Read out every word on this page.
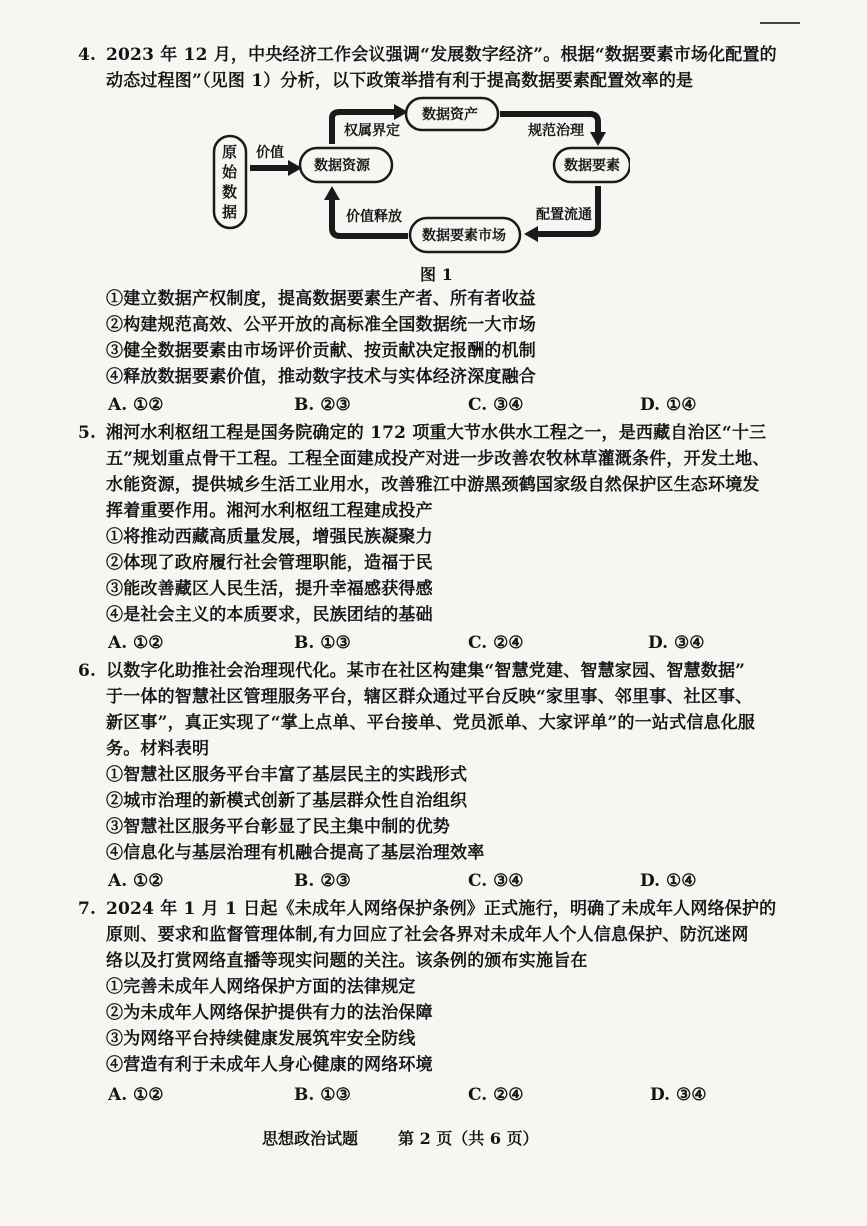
4. 2023 年 12 月，中央经济工作会议强调“发展数字经济”。根据“数据要素市场化配置的
动态过程图”（见图 1）分析，以下政策举措有利于提高数据要素配置效率的是
原始数据
价值
数据资源
数据资产
数据要素
数据要素市场
权属界定	规范治理
配置流通
价值释放
图 1
①建立数据产权制度，提高数据要素生产者、所有者收益
②构建规范高效、公平开放的高标准全国数据统一大市场
③健全数据要素由市场评价贡献、按贡献决定报酬的机制
④释放数据要素价值，推动数字技术与实体经济深度融合
A. ①②	B. ②③	C. ③④	D. ①④
5. 湘河水利枢纽工程是国务院确定的 172 项重大节水供水工程之一，是西藏自治区“十三
五”规划重点骨干工程。工程全面建成投产对进一步改善农牧林草灌溉条件，开发土地、
水能资源，提供城乡生活工业用水，改善雅江中游黑颈鹤国家级自然保护区生态环境发
挥着重要作用。湘河水利枢纽工程建成投产
①将推动西藏高质量发展，增强民族凝聚力
②体现了政府履行社会管理职能，造福于民
③能改善藏区人民生活，提升幸福感获得感
④是社会主义的本质要求，民族团结的基础
A. ①②	B. ①③	C. ②④	D. ③④
6. 以数字化助推社会治理现代化。某市在社区构建集“智慧党建、智慧家园、智慧数据”
于一体的智慧社区管理服务平台，辖区群众通过平台反映“家里事、邻里事、社区事、
新区事”，真正实现了“掌上点单、平台接单、党员派单、大家评单”的一站式信息化服
务。材料表明
①智慧社区服务平台丰富了基层民主的实践形式
②城市治理的新模式创新了基层群众性自治组织
③智慧社区服务平台彰显了民主集中制的优势
④信息化与基层治理有机融合提高了基层治理效率
A. ①②	B. ②③	C. ③④	D. ①④
7. 2024 年 1 月 1 日起《未成年人网络保护条例》正式施行，明确了未成年人网络保护的
原则、要求和监督管理体制,有力回应了社会各界对未成年人个人信息保护、防沉迷网
络以及打赏网络直播等现实问题的关注。该条例的颁布实施旨在
①完善未成年人网络保护方面的法律规定
②为未成年人网络保护提供有力的法治保障
③为网络平台持续健康发展筑牢安全防线
④营造有利于未成年人身心健康的网络环境
A. ①②	B. ①③	C. ②④	D. ③④
思想政治试题 第 2 页（共 6 页）
